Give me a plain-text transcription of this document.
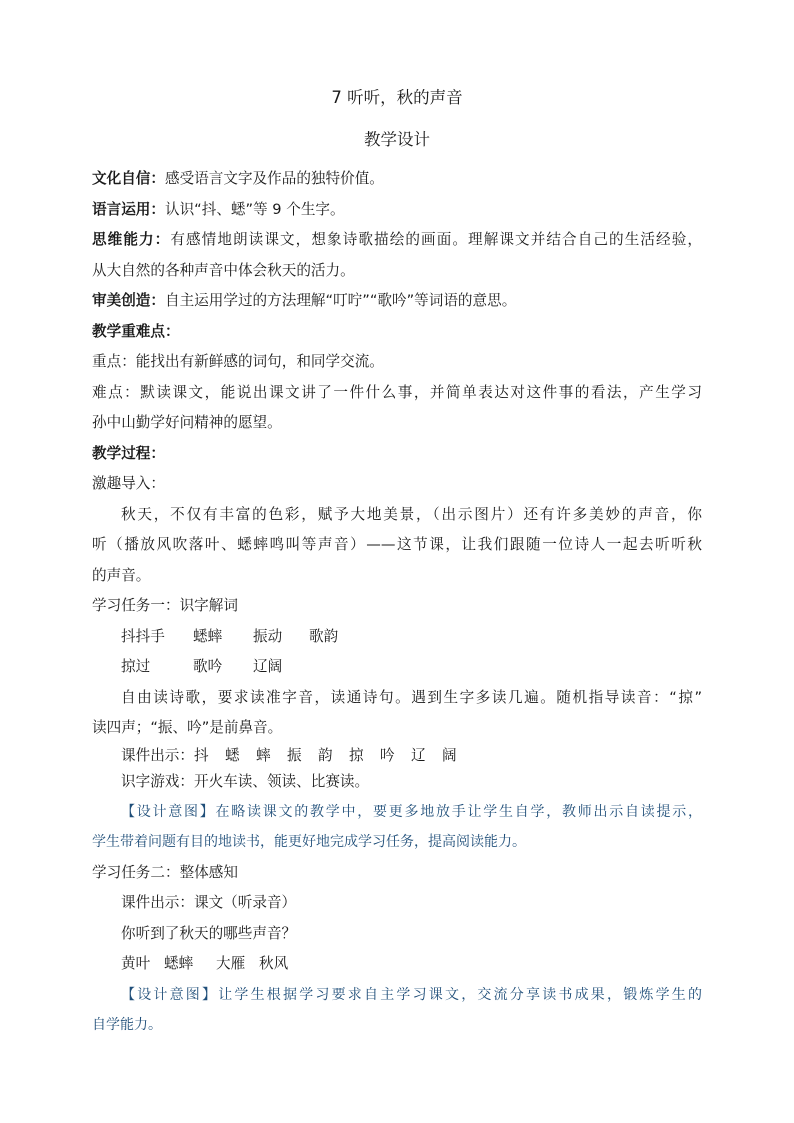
7 听听，秋的声音
教学设计

文化自信：感受语言文字及作品的独特价值。

语言运用：认识“抖、蟋”等 9 个生字。

思维能力：有感情地朗读课文，想象诗歌描绘的画面。理解课文并结合自己的生活经验，

从大自然的各种声音中体会秋天的活力。

审美创造：自主运用学过的方法理解“叮咛”“歌吟”等词语的意思。

教学重难点：

重点：能找出有新鲜感的词句，和同学交流。

难点：默读课文，能说出课文讲了一件什么事，并简单表达对这件事的看法，产生学习

孙中山勤学好问精神的愿望。

教学过程：

激趣导入：

秋天，不仅有丰富的色彩，赋予大地美景，（出示图片）还有许多美妙的声音，你

听（播放风吹落叶、蟋蟀鸣叫等声音）——这节课，让我们跟随一位诗人一起去听听秋

的声音。

学习任务一：识字解词

抖抖手 蟋蟀 振动 歌韵

掠过	歌吟 辽阔

自由读诗歌，要求读准字音，读通诗句。遇到生字多读几遍。随机指导读音：“掠”

读四声；“振、吟”是前鼻音。

课件出示：抖 蟋 蟀 振 韵 掠 吟 辽 阔

识字游戏：开火车读、领读、比赛读。

【设计意图】在略读课文的教学中，要更多地放手让学生自学，教师出示自读提示，

学生带着问题有目的地读书，能更好地完成学习任务，提高阅读能力。

学习任务二：整体感知

课件出示：课文（听录音）

你听到了秋天的哪些声音？

黄叶 蟋蟀 大雁 秋风

【设计意图】让学生根据学习要求自主学习课文，交流分享读书成果，锻炼学生的

自学能力。
